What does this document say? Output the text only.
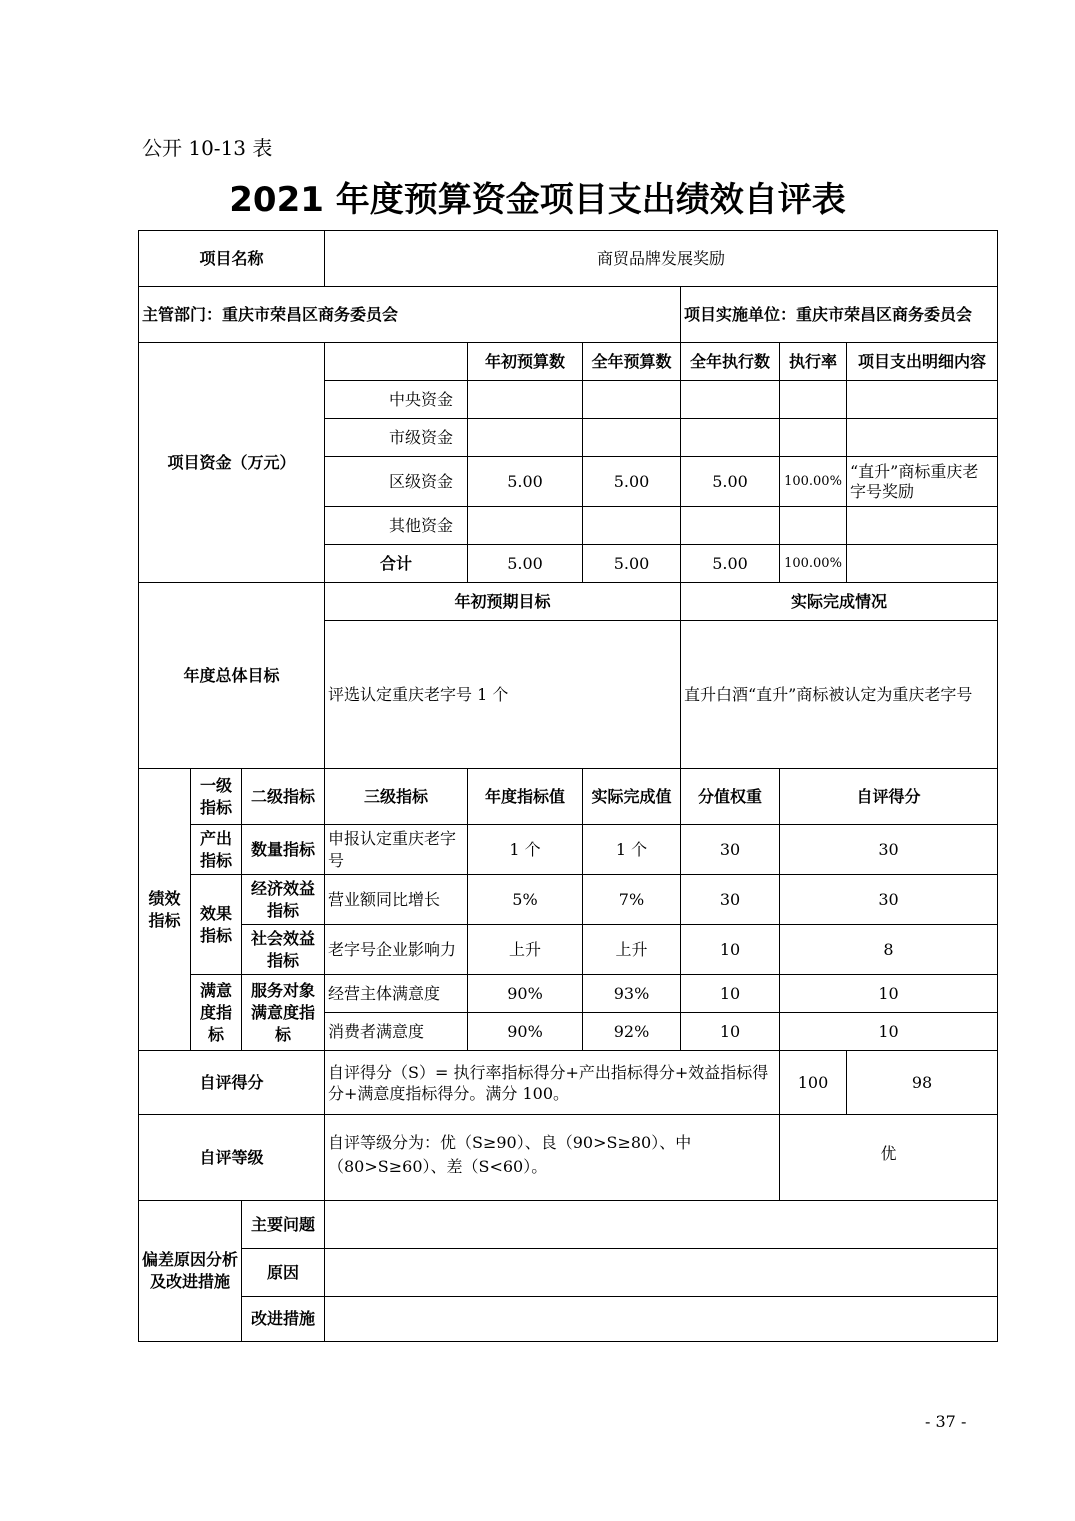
公开 10-13 表
2021 年度预算资金项目支出绩效自评表
项目名称			商贸品牌发展奖励					
主管部门：重庆市荣昌区商务委员会						项目实施单位：重庆市荣昌区商务委员会		
项目资金（万元）				年初预算数	全年预算数	全年执行数	执行率	项目支出明细内容
			中央资金					
			市级资金					
			区级资金	5.00	5.00	5.00	100.00%	“直升”商标重庆老字号奖励
			其他资金					
			合计	5.00	5.00	5.00	100.00%	
年度总体目标			年初预期目标			实际完成情况		
			评选认定重庆老字号 1 个			直升白酒“直升”商标被认定为重庆老字号		
绩效指标	一级指标	二级指标	三级指标	年度指标值	实际完成值	分值权重	自评得分	
	产出指标	数量指标	申报认定重庆老字号	1 个	1 个	30	30	
	效果指标	经济效益指标	营业额同比增长	5%	7%	30	30	
		社会效益指标	老字号企业影响力	上升	上升	10	8	
	满意度指标	服务对象满意度指标	经营主体满意度	90%	93%	10	10	
			消费者满意度	90%	92%	10	10	
自评得分			自评得分（S）= 执行率指标得分+产出指标得分+效益指标得分+满意度指标得分。满分 100。				100	98
自评等级			自评等级分为：优（S≥90）、良（90>S≥80）、中（80>S≥60）、差（S<60）。				优	
偏差原因分析及改进措施		主要问题						
		原因						
		改进措施						
- 37 -
